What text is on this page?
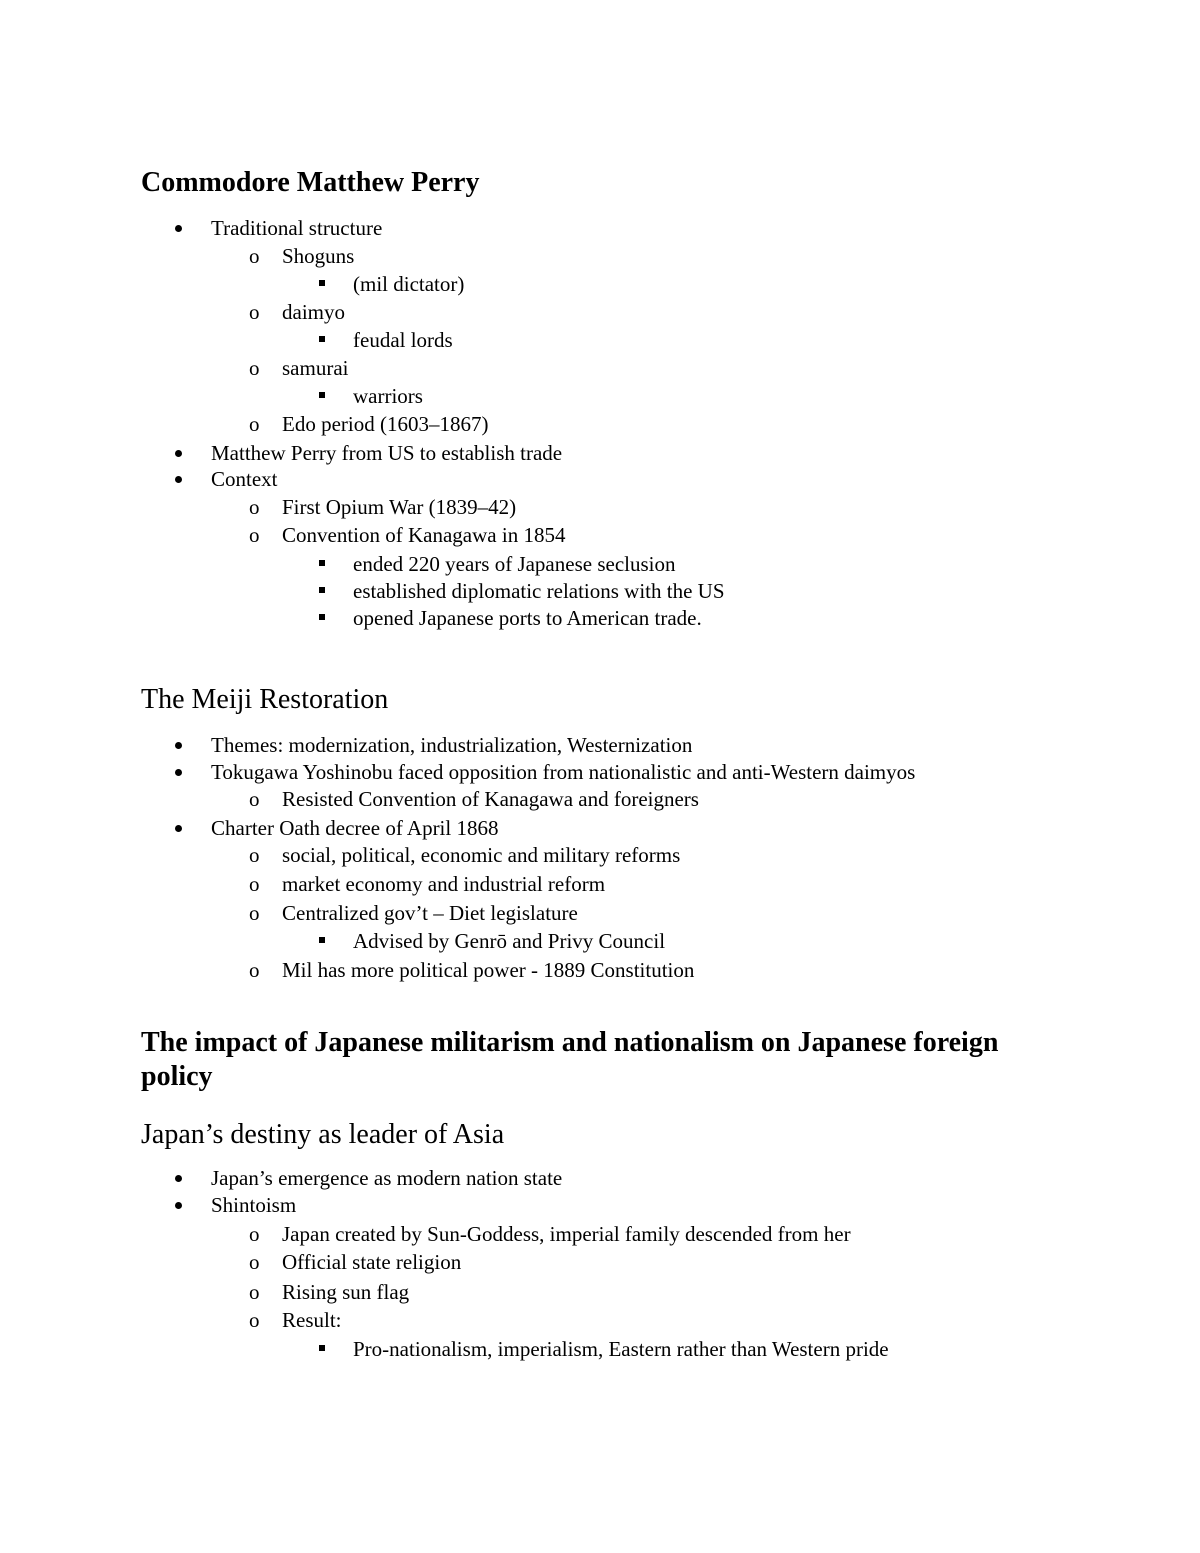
Commodore Matthew Perry
Traditional structure
o Shoguns
(mil dictator)
o daimyo
feudal lords
o samurai
warriors
o Edo period (1603–1867)
Matthew Perry from US to establish trade
Context
o First Opium War (1839–42)
o Convention of Kanagawa in 1854
ended 220 years of Japanese seclusion
established diplomatic relations with the US
opened Japanese ports to American trade.
The Meiji Restoration
Themes: modernization, industrialization, Westernization
Tokugawa Yoshinobu faced opposition from nationalistic and anti-Western daimyos
o Resisted Convention of Kanagawa and foreigners
Charter Oath decree of April 1868
o social, political, economic and military reforms
o market economy and industrial reform
o Centralized gov’t – Diet legislature
Advised by Genrō and Privy Council
o Mil has more political power - 1889 Constitution
The impact of Japanese militarism and nationalism on Japanese foreign policy
Japan’s destiny as leader of Asia
Japan’s emergence as modern nation state
Shintoism
o Japan created by Sun-Goddess, imperial family descended from her
o Official state religion
o Rising sun flag
o Result:
Pro-nationalism, imperialism, Eastern rather than Western pride
